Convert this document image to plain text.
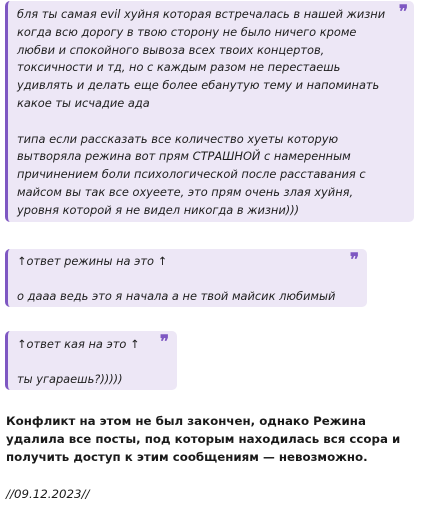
❞

бля ты самая evil хуйня которая встречалась в нашей жизни когда всю дорогу в твою сторону не было ничего кроме любви и спокойного вывоза всех твоих концертов, токсичности и тд, но с каждым разом не перестаешь удивлять и делать еще более ебанутую тему и напоминать какое ты исчадие ада

типа если рассказать все количество хуеты которую вытворяла режина вот прям СТРАШНОЙ с намеренным причинением боли психологической после расставания с майсом вы так все охуеете, это прям очень злая хуйня, уровня которой я не видел никогда в жизни)))

❞

↑ответ режины на это ↑

о дааа ведь это я начала а не твой майсик любимый

❞

↑ответ кая на это ↑

ты угараешь?)))))

Конфликт на этом не был закончен, однако Режина удалила все посты, под которым находилась вся ссора и получить доступ к этим сообщениям — невозможно.

//09.12.2023//
